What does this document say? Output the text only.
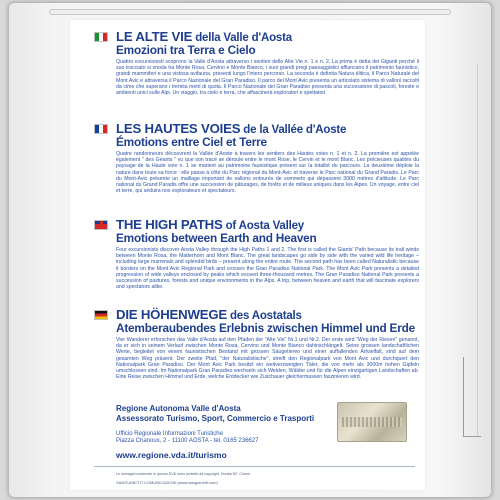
LE ALTE VIE della Valle d'Aosta
Emozioni tra Terra e Cielo
Quattro escursionisti scoprono la Valle d'Aosta attraverso i sentieri delle Alte Vie n. 1 e n. 2. La prima è detta dei Giganti perché il suo tracciato si snoda tra Monte Rosa, Cervino e Monte Bianco, i suoi grandi pregi paesaggistici affiancano il patrimonio faunistico, grandi mammiferi e una vistosa avifauna, presenti lungo l'intero percorso. La seconda è definita Natura élitica, il Parco Naturale del Mont Avic e attraversa il Parco Nazionale del Gran Paradiso. Il parco del Mont Avic presenta un articolato sistema di valloni raccolti da cime che superano i tremila metri di quota. Il Parco Nazionale del Gran Paradiso presenta una successione di pascoli, foreste e ambienti unici sulle Alpi. Un viaggio, tra cielo e terra, che affascinerà esploratori e spettatori.
LES HAUTES VOIES de la Vallée d'Aoste
Émotions entre Ciel et Terre
Quatre randonneurs découvrent la Vallée d'Aoste à travers les sentiers des Hautes voies n. 1 et n. 2. La première est appelée également " des Géants " vu que son tracé se déroule entre le mont Rose, le Cervin et le mont Blanc. Les précieuses qualités du paysage de la Haute voie n. 1 se marient au patrimoine faunistique présent sur la totalité du parcours. La deuxième déploie la nature dans toute sa force : elle passe à côté du Parc régional du Mont-Avic et traverse le Parc national du Grand Paradis. Le Parc du Mont-Avic présente un maillage important de vallons entourés de sommets qui dépassent 3000 mètres d'altitude. Le Parc national du Grand Paradis offre une succession de pâturages, de forêts et de milieux uniques dans les Alpes. Un voyage, entre ciel et terre, qui séduira nos explorateurs et spectateurs.
THE HIGH PATHS of Aosta Valley
Emotions between Earth and Heaven
Four excursionists discover Aosta Valley through the High Paths 1 and 2. The first is called the Giants' Path because its trail winds between Monte Rosa, the Matterhorn and Mont Blanc. The great landscapes go side by side with the varied wild life heritage – including large mammals and splendid birds – present along the entire route. The second path has been called Naturalistic because it borders on the Mont Avic Regional Park and crosses the Gran Paradiso National Park. The Mont Avic Park presents a detailed progression of wide valleys enclosed by peaks which exceed three-thousand metres. The Gran Paradiso National Park presents a succession of pastures, forests and unique environments in the Alps. A trip, between heaven and earth that will fascinate explorers and spectators alike.
DIE HÖHENWEGE des Aostatals
Atemberaubendes Erlebnis zwischen Himmel und Erde
Vier Wanderer erforschen das Valle d'Aosta auf den Pfaden der "Alte Vie" Nr.1 und Nr.2. Der erste wird "Weg der Riesen" genannt, da er sich in seinem Verlauf zwischen Monte Rosa, Cervino und Monte Bianco dahinschlängelt. Seine grossen landschaftlichen Werte, begleitet von einem faunistischen Bestand mit grossen Säugetieren und einer auffallenden Artvielfalt, sind auf dem gesamten Weg präsent. Der zweite Pfad, "der Naturalistische", streift den Regionalpark von Mont Avic und durchquert den Nationalpark Gran Paradiso. Der Mont Avic Park besitzt ein weitverzweigten Täler, die von mehr als 3000m hohen Gipfeln umschlossen sind. Im Nationalpark Gran Paradiso wechseln sich Weiden, Wälder und für die Alpen einzigartigen Landschaften ab. Eine Reise zwischen Himmel und Erde, welche Entdecker wie Zuschauer gleichermassen faszinieren wird.
Regione Autonoma Valle d'Aosta
Assessorato Turismo, Sport, Commercio e Trasporti
Ufficio Regionale Informazioni Turistiche
Piazza Chanoux, 2 - 11100 AOSTA - tel. 0165 236627
www.regione.vda.it/turismo
Le immagini contenute in questo DVD sono protette da copyright. Durata 50'. Colore.
SANGUINETTI COMUNICAZIONI (www.sanguinetti.com)
